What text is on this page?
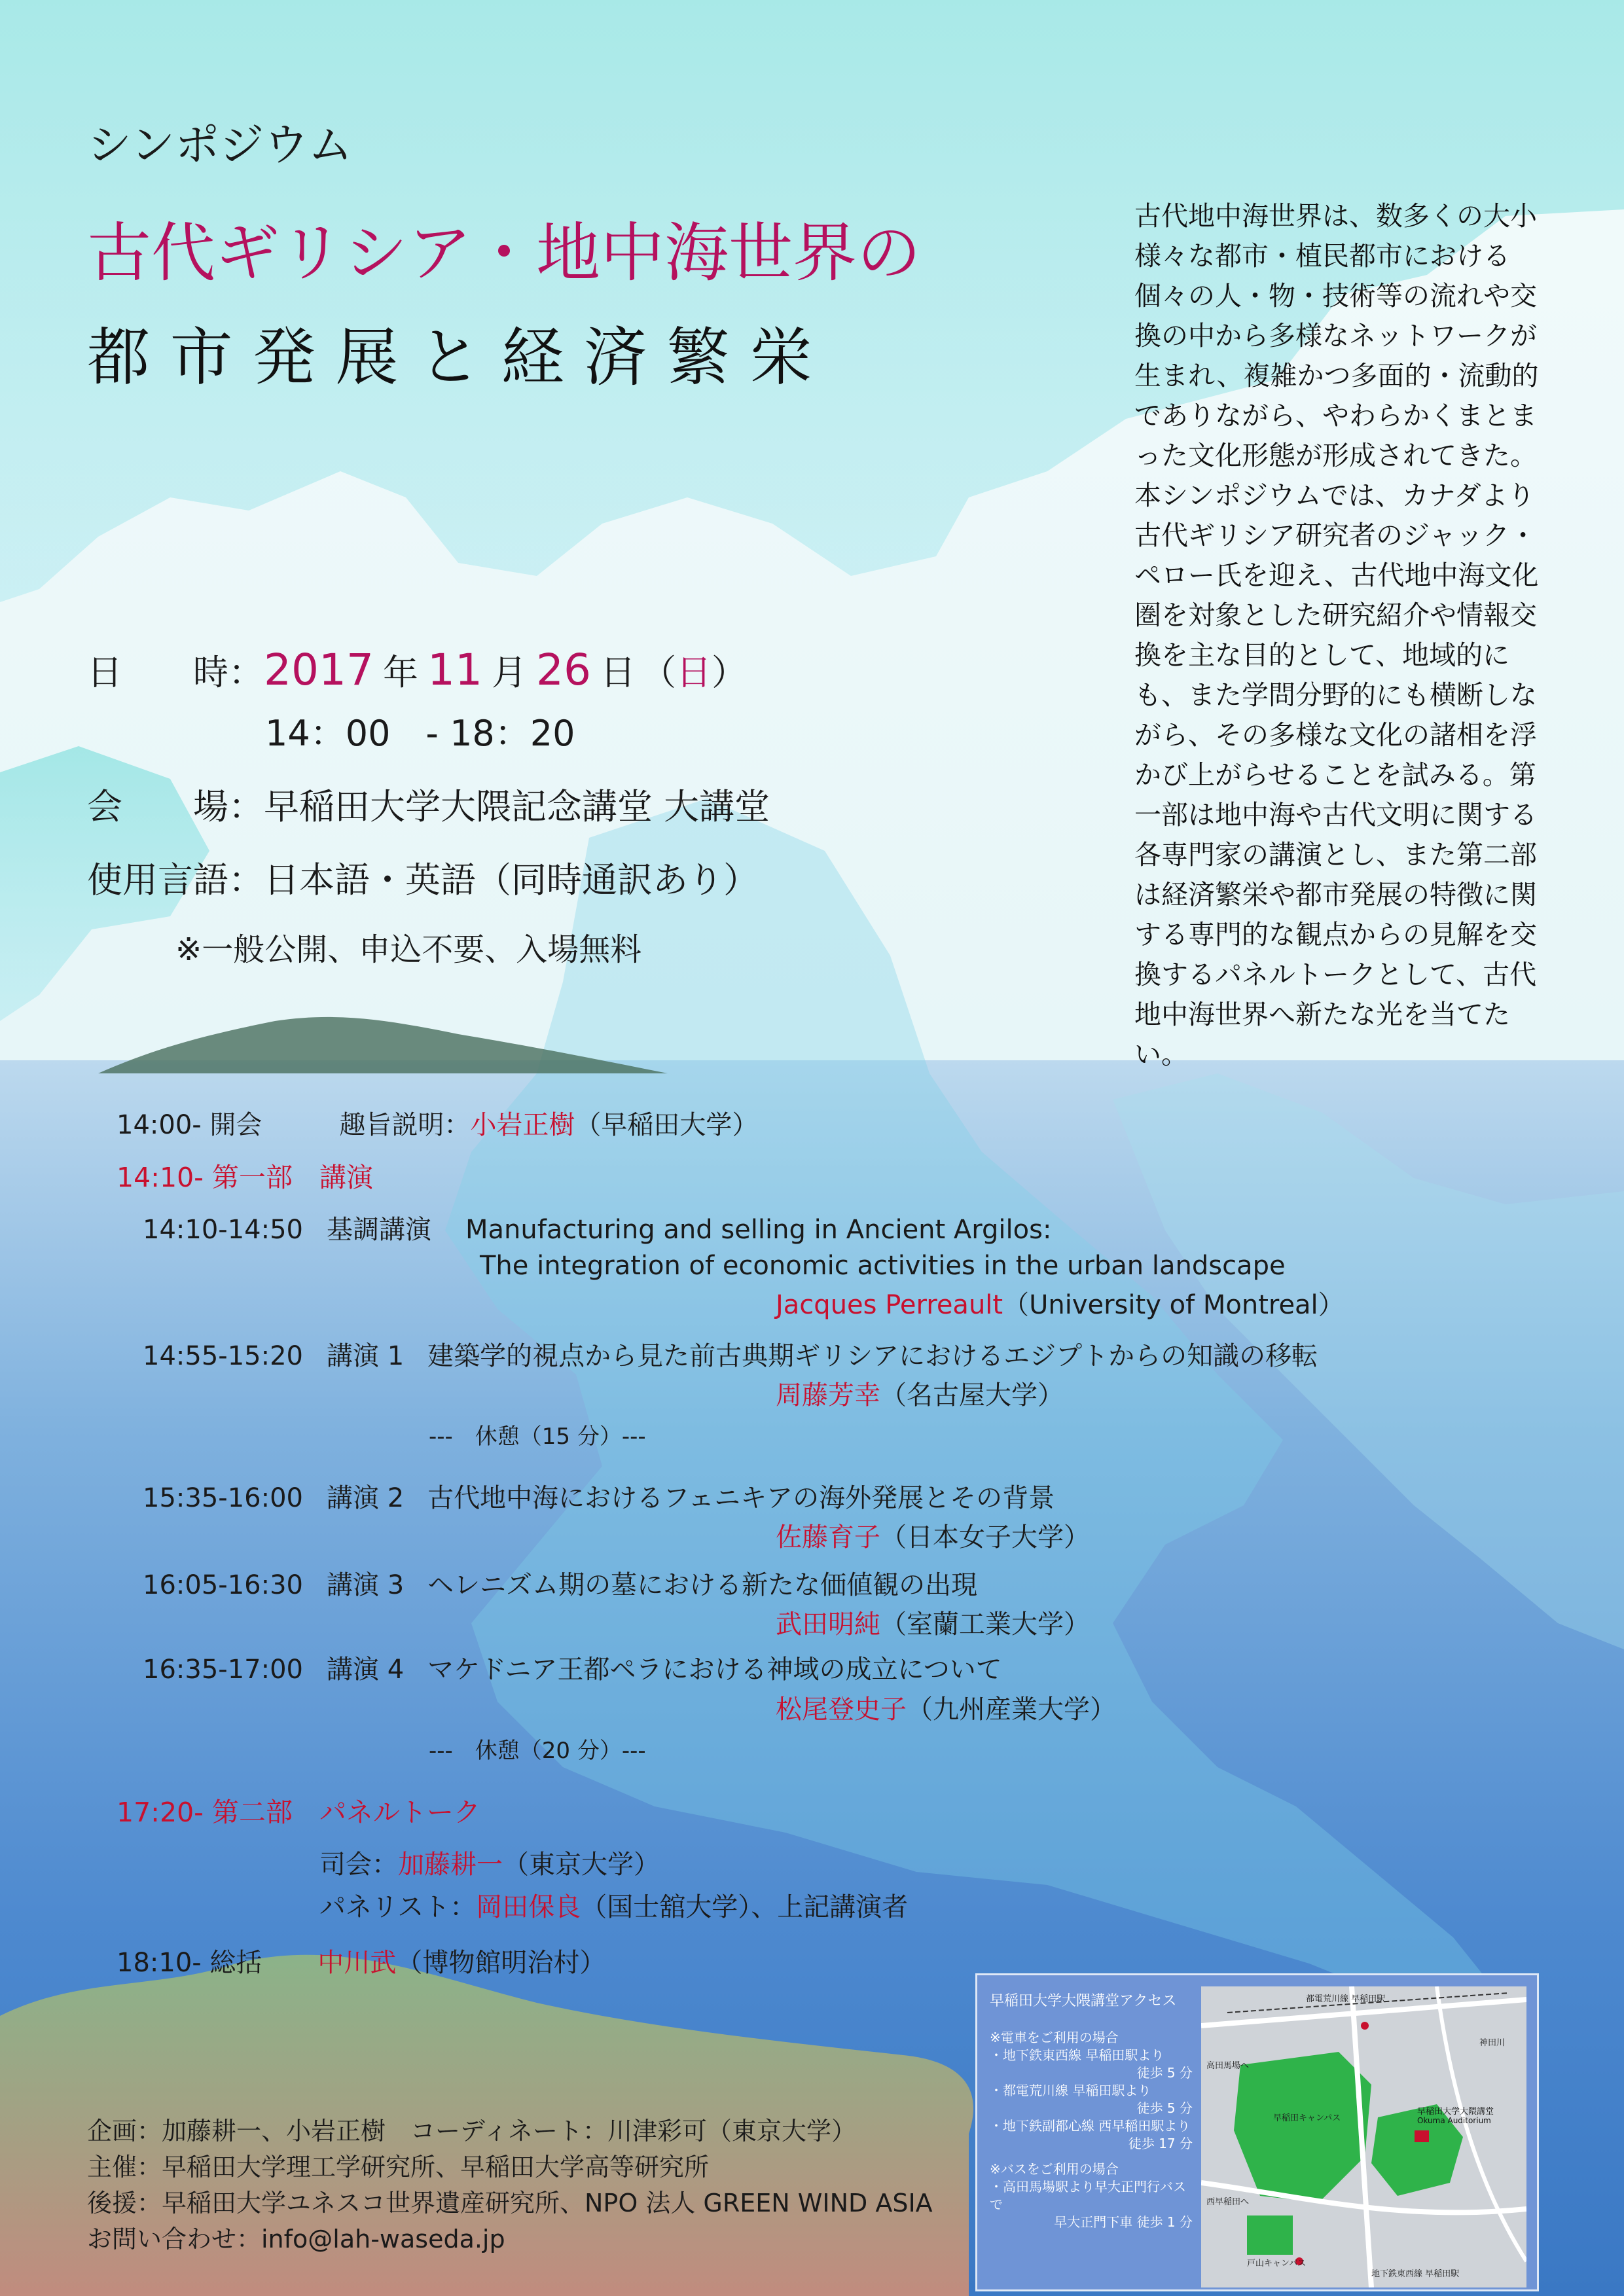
シンポジウム
古代ギリシア・地中海世界の
都 市 発 展 と 経 済 繁 栄
日　　時：2017 年 11 月 26 日 （日）
14：00　- 18：20
会　　場：早稲田大学大隈記念講堂 大講堂
使用言語：日本語・英語（同時通訳あり）
※一般公開、申込不要、入場無料

古代地中海世界は、数多くの大小様々な都市・植民都市における個々の人・物・技術等の流れや交換の中から多様なネットワークが生まれ、複雑かつ多面的・流動的でありながら、やわらかくまとまった文化形態が形成されてきた。

本シンポジウムでは、カナダより古代ギリシア研究者のジャック・ペロー氏を迎え、古代地中海文化圏を対象とした研究紹介や情報交換を主な目的として、地域的にも、また学問分野的にも横断しながら、その多様な文化の諸相を浮かび上がらせることを試みる。第一部は地中海や古代文明に関する各専門家の講演とし、また第二部は経済繁栄や都市発展の特徴に関する専門的な観点からの見解を交換するパネルトークとして、古代地中海世界へ新たな光を当てたい。

14:00- 開会	趣旨説明：小岩正樹（早稲田大学）
14:10- 第一部　講演
14:10-14:50 基調講演 Manufacturing and selling in Ancient Argilos:
The integration of economic activities in the urban landscape
Jacques Perreault（University of Montreal）
14:55-15:20 講演 1 建築学的視点から見た前古典期ギリシアにおけるエジプトからの知識の移転
周藤芳幸（名古屋大学）
---　休憩（15 分）---
15:35-16:00 講演 2 古代地中海におけるフェニキアの海外発展とその背景
佐藤育子（日本女子大学）
16:05-16:30 講演 3 ヘレニズム期の墓における新たな価値観の出現
武田明純（室蘭工業大学）
16:35-17:00 講演 4 マケドニア王都ペラにおける神域の成立について
松尾登史子（九州産業大学）
---　休憩（20 分）---
17:20- 第二部　パネルトーク
司会：加藤耕一（東京大学）
パネリスト：岡田保良（国士舘大学）、上記講演者
18:10- 総括 中川武（博物館明治村）
企画：加藤耕一、小岩正樹　コーディネート：川津彩可（東京大学）
主催：早稲田大学理工学研究所、早稲田大学高等研究所
後援：早稲田大学ユネスコ世界遺産研究所、NPO 法人 GREEN WIND ASIA
お問い合わせ：info@lah-waseda.jp
早稲田大学大隈講堂アクセス
※電車をご利用の場合
・地下鉄東西線 早稲田駅より
徒歩 5 分
・都電荒川線 早稲田駅より
徒歩 5 分
・地下鉄副都心線 西早稲田駅より
徒歩 17 分
※バスをご利用の場合
・高田馬場駅より早大正門行バスで
早大正門下車 徒歩 1 分
都電荒川線 早稲田駅
神田川
早稲田キャンパス
早稲田大学大隈講堂
Okuma Auditorium
西早稲田へ
高田馬場へ
戸山キャンパス
地下鉄東西線 早稲田駅
